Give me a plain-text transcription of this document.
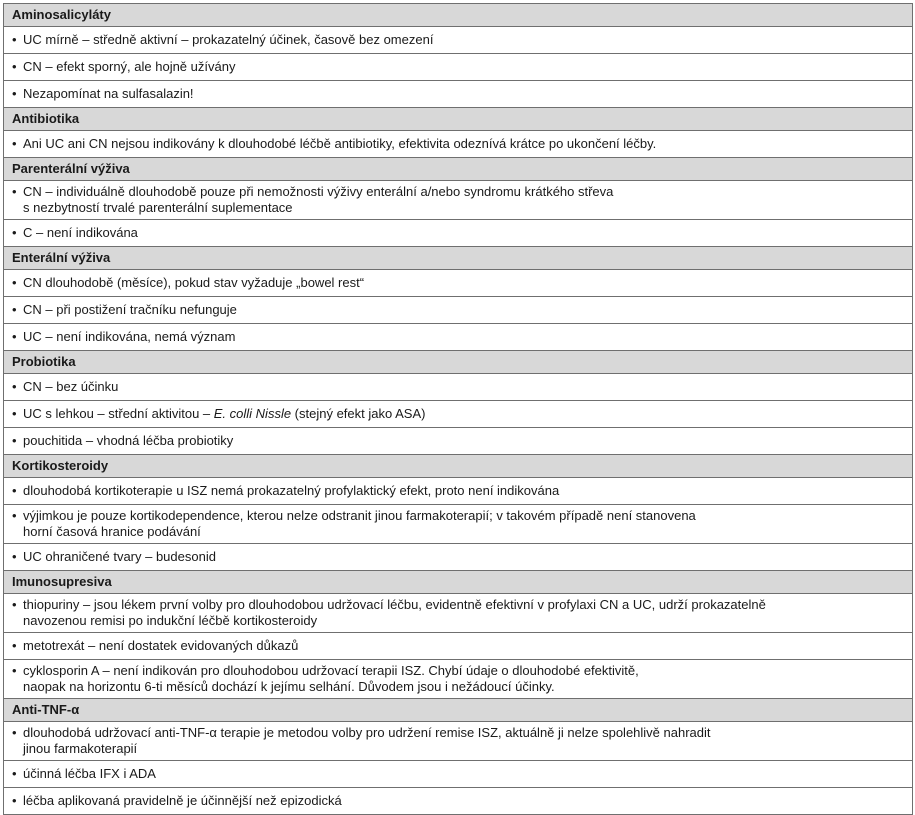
Aminosalicyláty
• UC mírně – středně aktivní – prokazatelný účinek, časově bez omezení
• CN – efekt sporný, ale hojně užívány
• Nezapomínat na sulfasalazin!
Antibiotika
• Ani UC ani CN nejsou indikovány k dlouhodobé léčbě antibiotiky, efektivita odeznívá krátce po ukončení léčby.
Parenterální výživa
• CN – individuálně dlouhodobě pouze při nemožnosti výživy enterální a/nebo syndromu krátkého střeva
s nezbytností trvalé parenterální suplementace

• C – není indikována
Enterální výživa
• CN dlouhodobě (měsíce), pokud stav vyžaduje „bowel rest“
• CN – při postižení tračníku nefunguje
• UC – není indikována, nemá význam
Probiotika
• CN – bez účinku
• UC s lehkou – střední aktivitou – E. colli Nissle (stejný efekt jako ASA)
• pouchitida – vhodná léčba probiotiky
Kortikosteroidy
• dlouhodobá kortikoterapie u ISZ nemá prokazatelný profylaktický efekt, proto není indikována
• výjimkou je pouze kortikodependence, kterou nelze odstranit jinou farmakoterapií; v takovém případě není stanovena
horní časová hranice podávání

• UC ohraničené tvary – budesonid
Imunosupresiva
• thiopuriny – jsou lékem první volby pro dlouhodobou udržovací léčbu, evidentně efektivní v profylaxi CN a UC, udrží prokazatelně
navozenou remisi po indukční léčbě kortikosteroidy

• metotrexát – není dostatek evidovaných důkazů
• cyklosporin A – není indikován pro dlouhodobou udržovací terapii ISZ. Chybí údaje o dlouhodobé efektivitě,
naopak na horizontu 6-ti měsíců dochází k jejímu selhání. Důvodem jsou i nežádoucí účinky.

Anti-TNF-α
• dlouhodobá udržovací anti-TNF-α terapie je metodou volby pro udržení remise ISZ, aktuálně ji nelze spolehlivě nahradit
jinou farmakoterapií

• účinná léčba IFX i ADA
• léčba aplikovaná pravidelně je účinnější než epizodická
